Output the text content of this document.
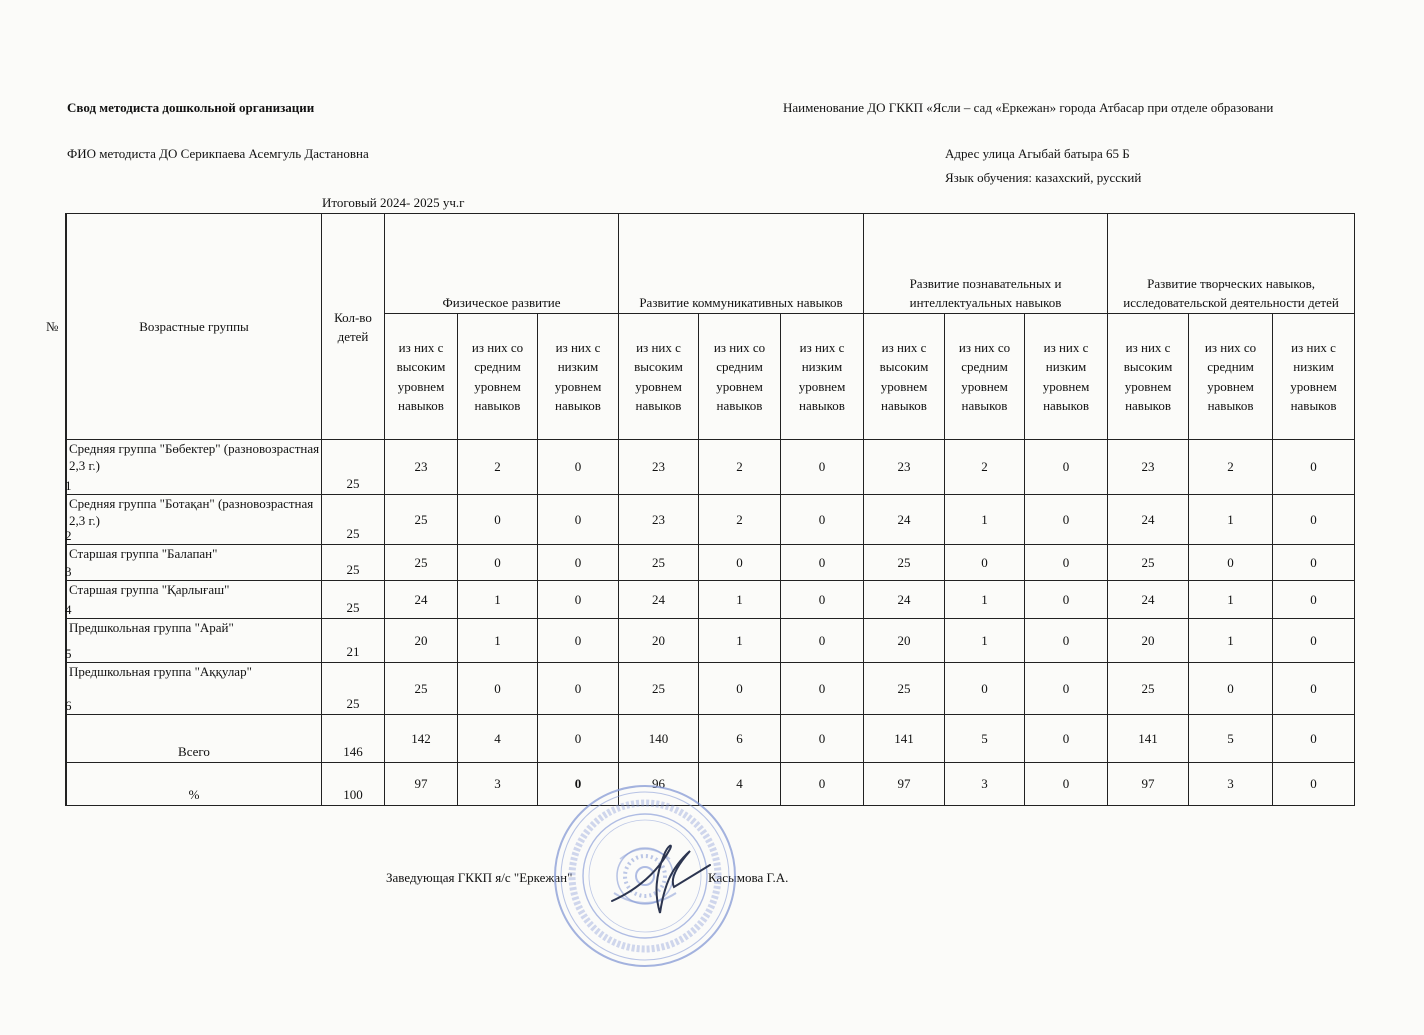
Свод методиста дошкольной организации	Наименование ДО ГККП «Ясли – сад «Еркежан» города Атбасар при отделе образовани
ФИО методиста ДО Серикпаева Асемгуль Дастановна	Адрес улица Агыбай батыра 65 Б
Язык обучения: казахский, русский
Итоговый 2024- 2025 уч.г
№	Возрастные группы	Кол-во детей	Физическое развитие			Развитие коммуникативных навыков			Развитие познавательных и интеллектуальных навыков			Развитие творческих навыков, исследовательской деятельности детей		
		из них с высоким уровнем навыков	из них со средним уровнем навыков	из них с низким уровнем навыков	из них с высоким уровнем навыков	из них со средним уровнем навыков	из них с низким уровнем навыков	из них с высоким уровнем навыков	из них со средним уровнем навыков	из них с низким уровнем навыков	из них с высоким уровнем навыков	из них со средним уровнем навыков	из них с низким уровнем навыков
1	Средняя группа "Бөбектер" (разновозрастная 2,3 г.)	25	23	2	0	23	2	0	23	2	0	23	2	0
2	Средняя группа "Ботақан" (разновозрастная 2,3 г.)	25	25	0	0	23	2	0	24	1	0	24	1	0
3	Старшая группа "Балапан"	25	25	0	0	25	0	0	25	0	0	25	0	0
4	Старшая группа "Қарлығаш"	25	24	1	0	24	1	0	24	1	0	24	1	0
5	Предшкольная группа "Арай"	21	20	1	0	20	1	0	20	1	0	20	1	0
6	Предшкольная группа "Аққулар"	25	25	0	0	25	0	0	25	0	0	25	0	0
	Всего	146	142	4	0	140	6	0	141	5	0	141	5	0
	%	100	97	3	0	96	4	0	97	3	0	97	3	0
Заведующая ГККП я/с "Еркежан"	Касымова Г.А.
